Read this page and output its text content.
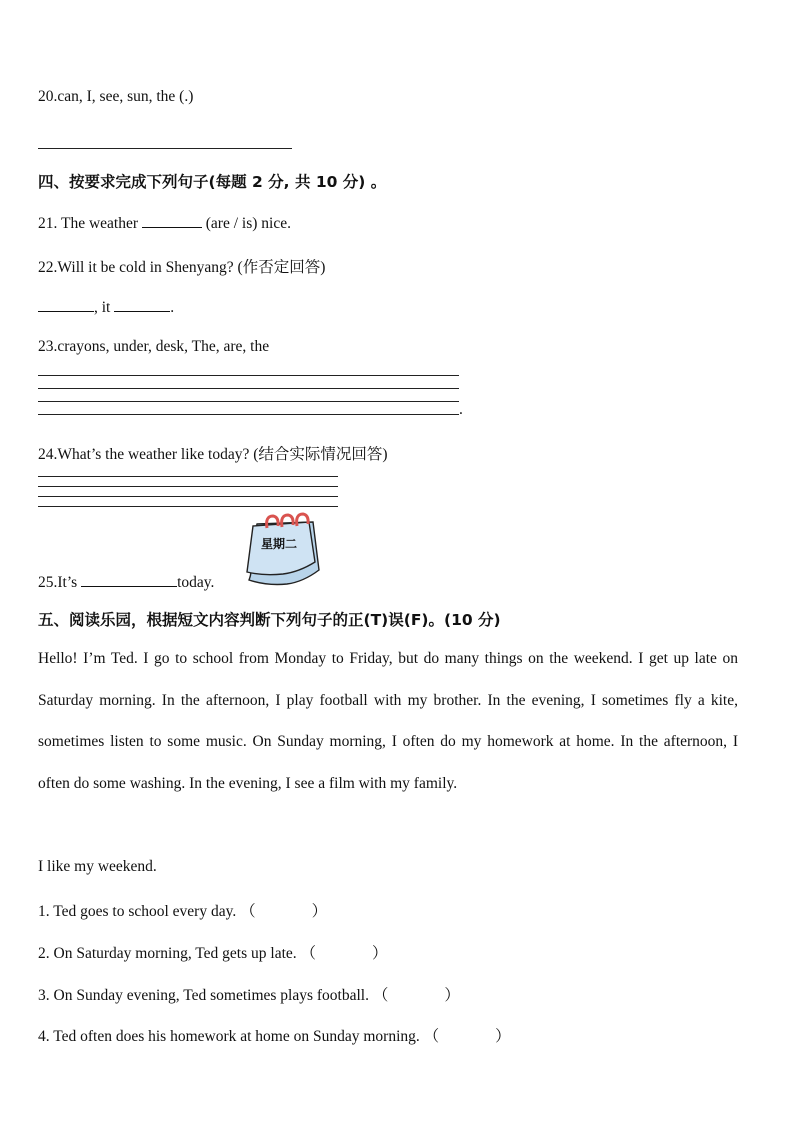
20.can, I, see, sun, the (.)
四、按要求完成下列句子(每题 2 分, 共 10 分) 。
21. The weather	(are / is) nice.
22.Will it be cold in Shenyang? (作否定回答)
, it	.
23.crayons, under, desk, The, are, the
.
24.What’s the weather like today? (结合实际情况回答)
星期二
25.It’s	today.
五、阅读乐园，根据短文内容判断下列句子的正(T)误(F)。(10 分)
Hello! I’m Ted. I go to school from Monday to Friday, but do many things on the weekend. I get up late on Saturday morning. In the afternoon, I play football with my brother. In the evening, I sometimes fly a kite, sometimes listen to some music. On Sunday morning, I often do my homework at home. In the afternoon, I often do some washing. In the evening, I see a film with my family.
I like my weekend.
1. Ted goes to school every day. （	）
2. On Saturday morning, Ted gets up late. （	）
3. On Sunday evening, Ted sometimes plays football. （	）
4. Ted often does his homework at home on Sunday morning. （	）
